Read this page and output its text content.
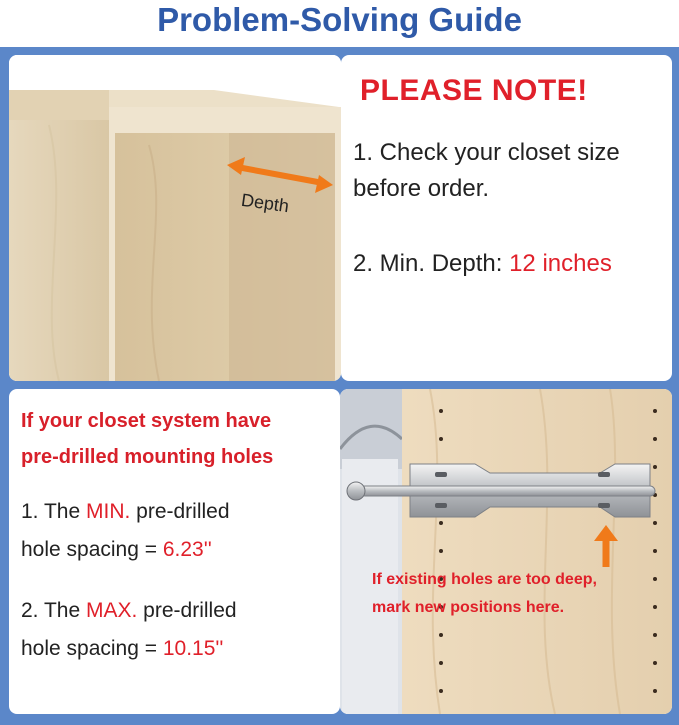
Problem-Solving Guide
Depth
PLEASE NOTE!
1. Check your closet size
before order.
2. Min. Depth: 12 inches
If your closet system have
pre-drilled mounting holes
1. The MIN. pre-drilled
hole spacing = 6.23''
2. The MAX. pre-drilled
hole spacing = 10.15''
If existing holes are too deep,
mark new positions here.
